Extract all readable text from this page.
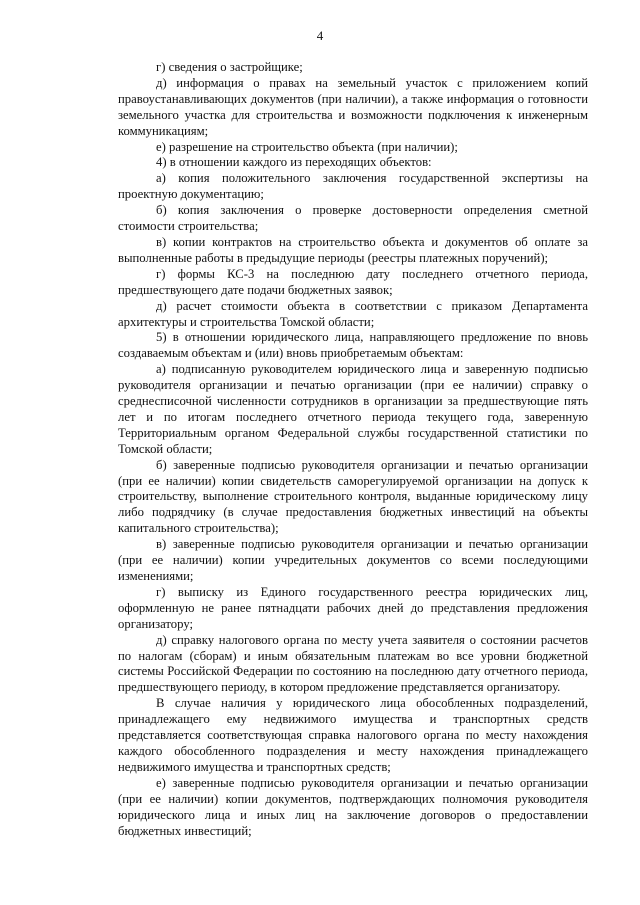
4

г) сведения о застройщике;

д) информация о правах на земельный участок с приложением копий правоустанавливающих документов (при наличии), а также информация о готовности земельного участка для строительства и возможности подключения к инженерным коммуникациям;

е) разрешение на строительство объекта (при наличии);

4) в отношении каждого из переходящих объектов:

а) копия положительного заключения государственной экспертизы на проектную документацию;

б) копия заключения о проверке достоверности определения сметной стоимости строительства;

в) копии контрактов на строительство объекта и документов об оплате за выполненные работы в предыдущие периоды (реестры платежных поручений);

г) формы КС-3 на последнюю дату последнего отчетного периода, предшествующего дате подачи бюджетных заявок;

д) расчет стоимости объекта в соответствии с приказом Департамента архитектуры и строительства Томской области;

5) в отношении юридического лица, направляющего предложение по вновь создаваемым объектам и (или) вновь приобретаемым объектам:

а) подписанную руководителем юридического лица и заверенную подписью руководителя организации и печатью организации (при ее наличии) справку о среднесписочной численности сотрудников в организации за предшествующие пять лет и по итогам последнего отчетного периода текущего года, заверенную Территориальным органом Федеральной службы государственной статистики по Томской области;

б) заверенные подписью руководителя организации и печатью организации (при ее наличии) копии свидетельств саморегулируемой организации на допуск к строительству, выполнение строительного контроля, выданные юридическому лицу либо подрядчику (в случае предоставления бюджетных инвестиций на объекты капитального строительства);

в) заверенные подписью руководителя организации и печатью организации (при ее наличии) копии учредительных документов со всеми последующими изменениями;

г) выписку из Единого государственного реестра юридических лиц, оформленную не ранее пятнадцати рабочих дней до представления предложения организатору;

д) справку налогового органа по месту учета заявителя о состоянии расчетов по налогам (сборам) и иным обязательным платежам во все уровни бюджетной системы Российской Федерации по состоянию на последнюю дату отчетного периода, предшествующего периоду, в котором предложение представляется организатору.

В случае наличия у юридического лица обособленных подразделений, принадлежащего ему недвижимого имущества и транспортных средств представляется соответствующая справка налогового органа по месту нахождения каждого обособленного подразделения и месту нахождения принадлежащего недвижимого имущества и транспортных средств;

е) заверенные подписью руководителя организации и печатью организации (при ее наличии) копии документов, подтверждающих полномочия руководителя юридического лица и иных лиц на заключение договоров о предоставлении бюджетных инвестиций;
